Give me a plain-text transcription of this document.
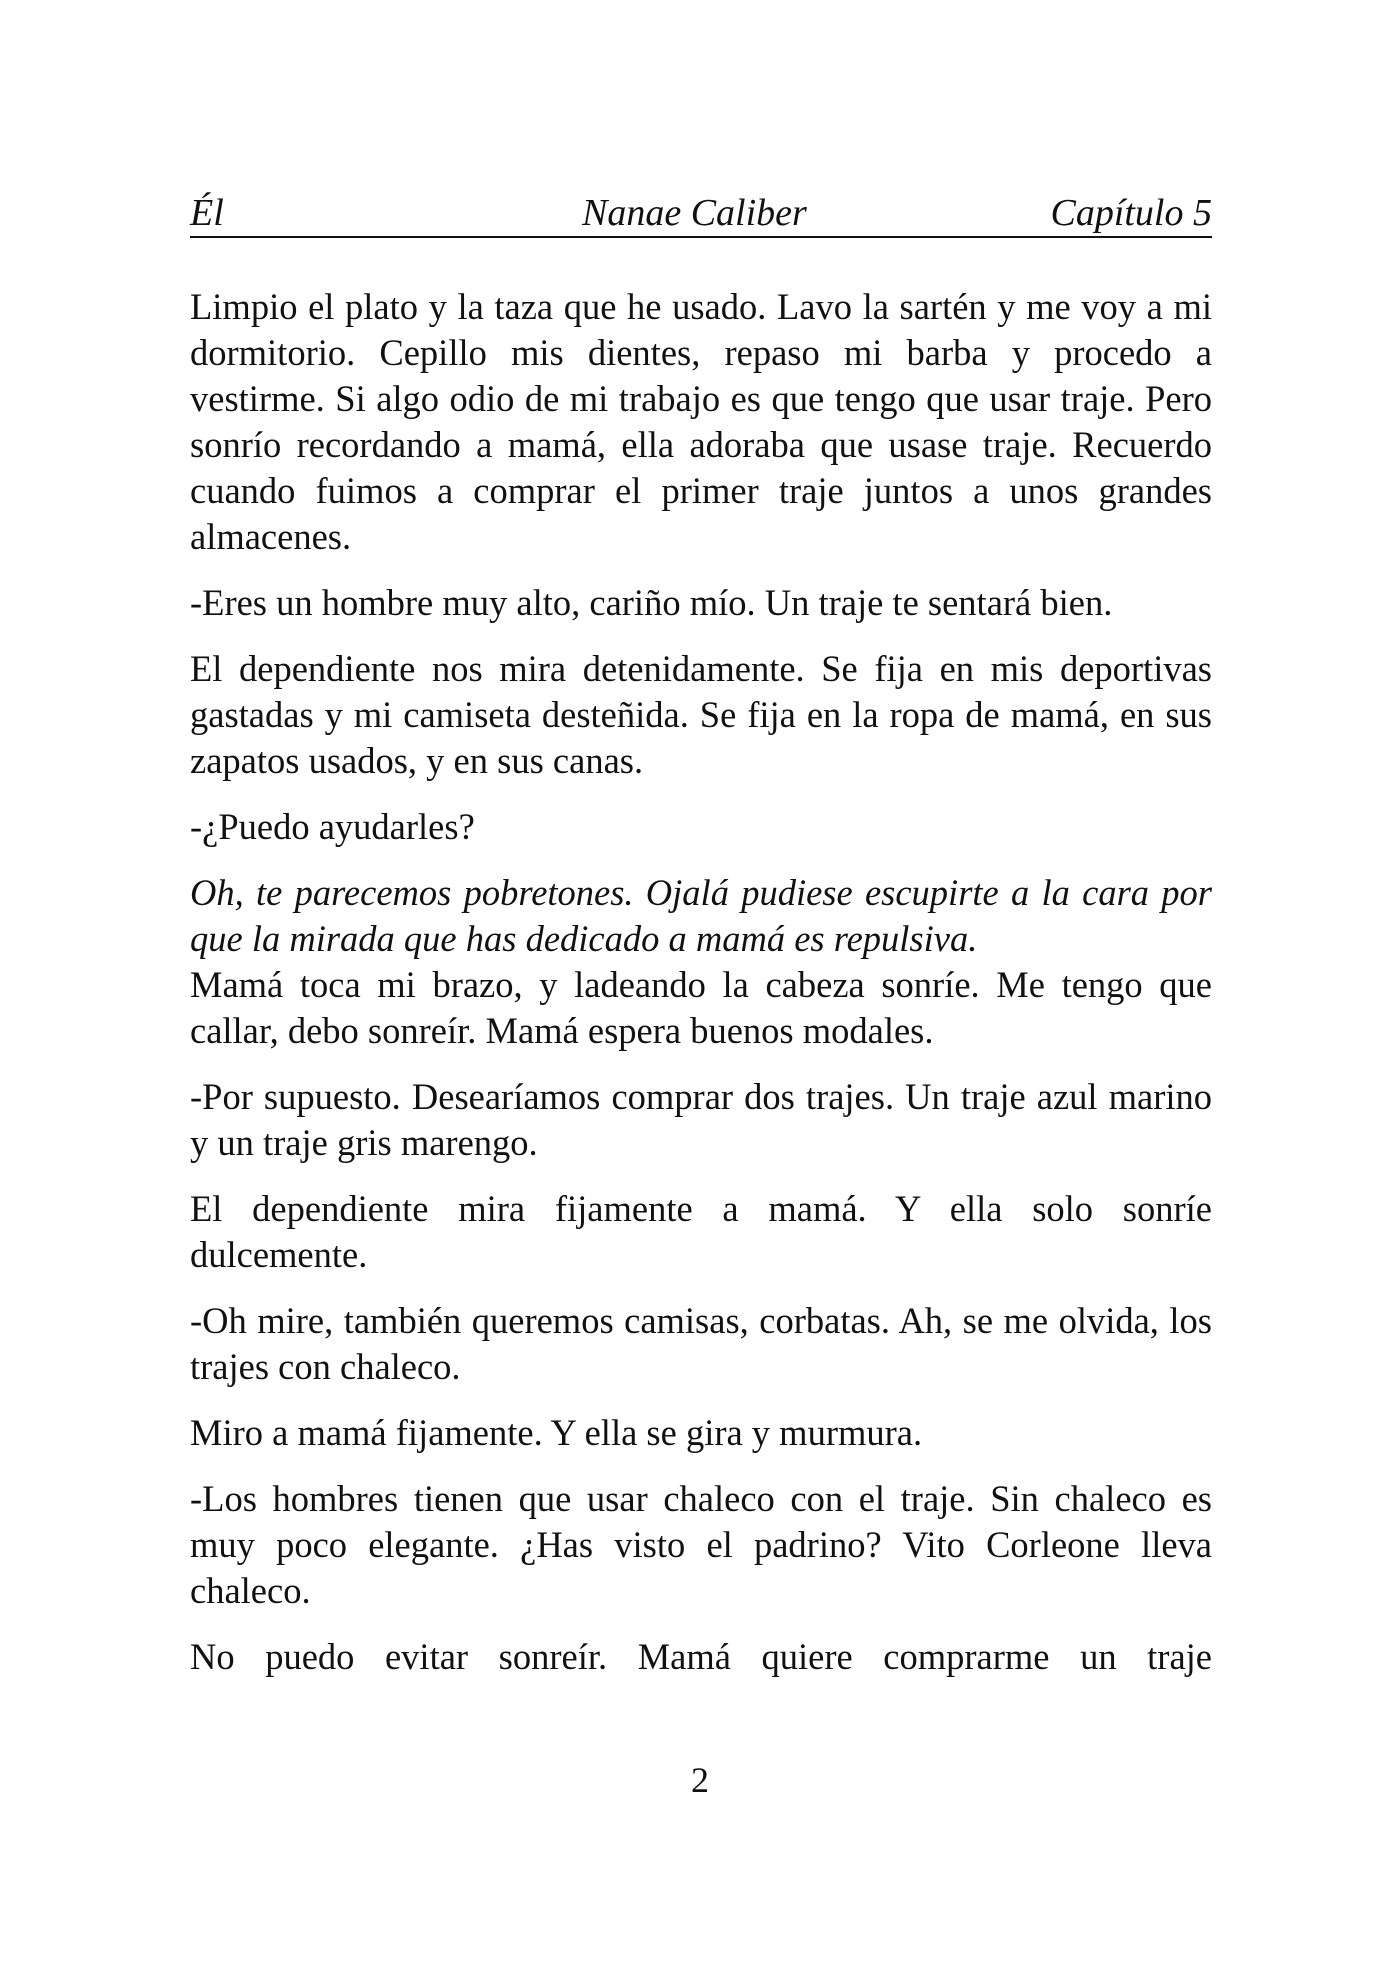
Él	Nanae Caliber	Capítulo 5

Limpio el plato y la taza que he usado. Lavo la sartén y me voy a mi dormitorio. Cepillo mis dientes, repaso mi barba y procedo a vestirme. Si algo odio de mi trabajo es que tengo que usar traje. Pero sonrío recordando a mamá, ella adoraba que usase traje. Recuerdo cuando fuimos a comprar el primer traje juntos a unos grandes almacenes.

-Eres un hombre muy alto, cariño mío. Un traje te sentará bien.

El dependiente nos mira detenidamente. Se fija en mis deportivas gastadas y mi camiseta desteñida. Se fija en la ropa de mamá, en sus zapatos usados, y en sus canas.

-¿Puedo ayudarles?

Oh, te parecemos pobretones. Ojalá pudiese escupirte a la cara por que la mirada que has dedicado a mamá es repulsiva.

Mamá toca mi brazo, y ladeando la cabeza sonríe. Me tengo que callar, debo sonreír. Mamá espera buenos modales.

-Por supuesto. Desearíamos comprar dos trajes. Un traje azul marino y un traje gris marengo.

El dependiente mira fijamente a mamá. Y ella solo sonríe dulcemente.

-Oh mire, también queremos camisas, corbatas. Ah, se me olvida, los trajes con chaleco.

Miro a mamá fijamente. Y ella se gira y murmura.

-Los hombres tienen que usar chaleco con el traje. Sin chaleco es muy poco elegante. ¿Has visto el padrino? Vito Corleone lleva chaleco.

No puedo evitar sonreír. Mamá quiere comprarme un traje

2
